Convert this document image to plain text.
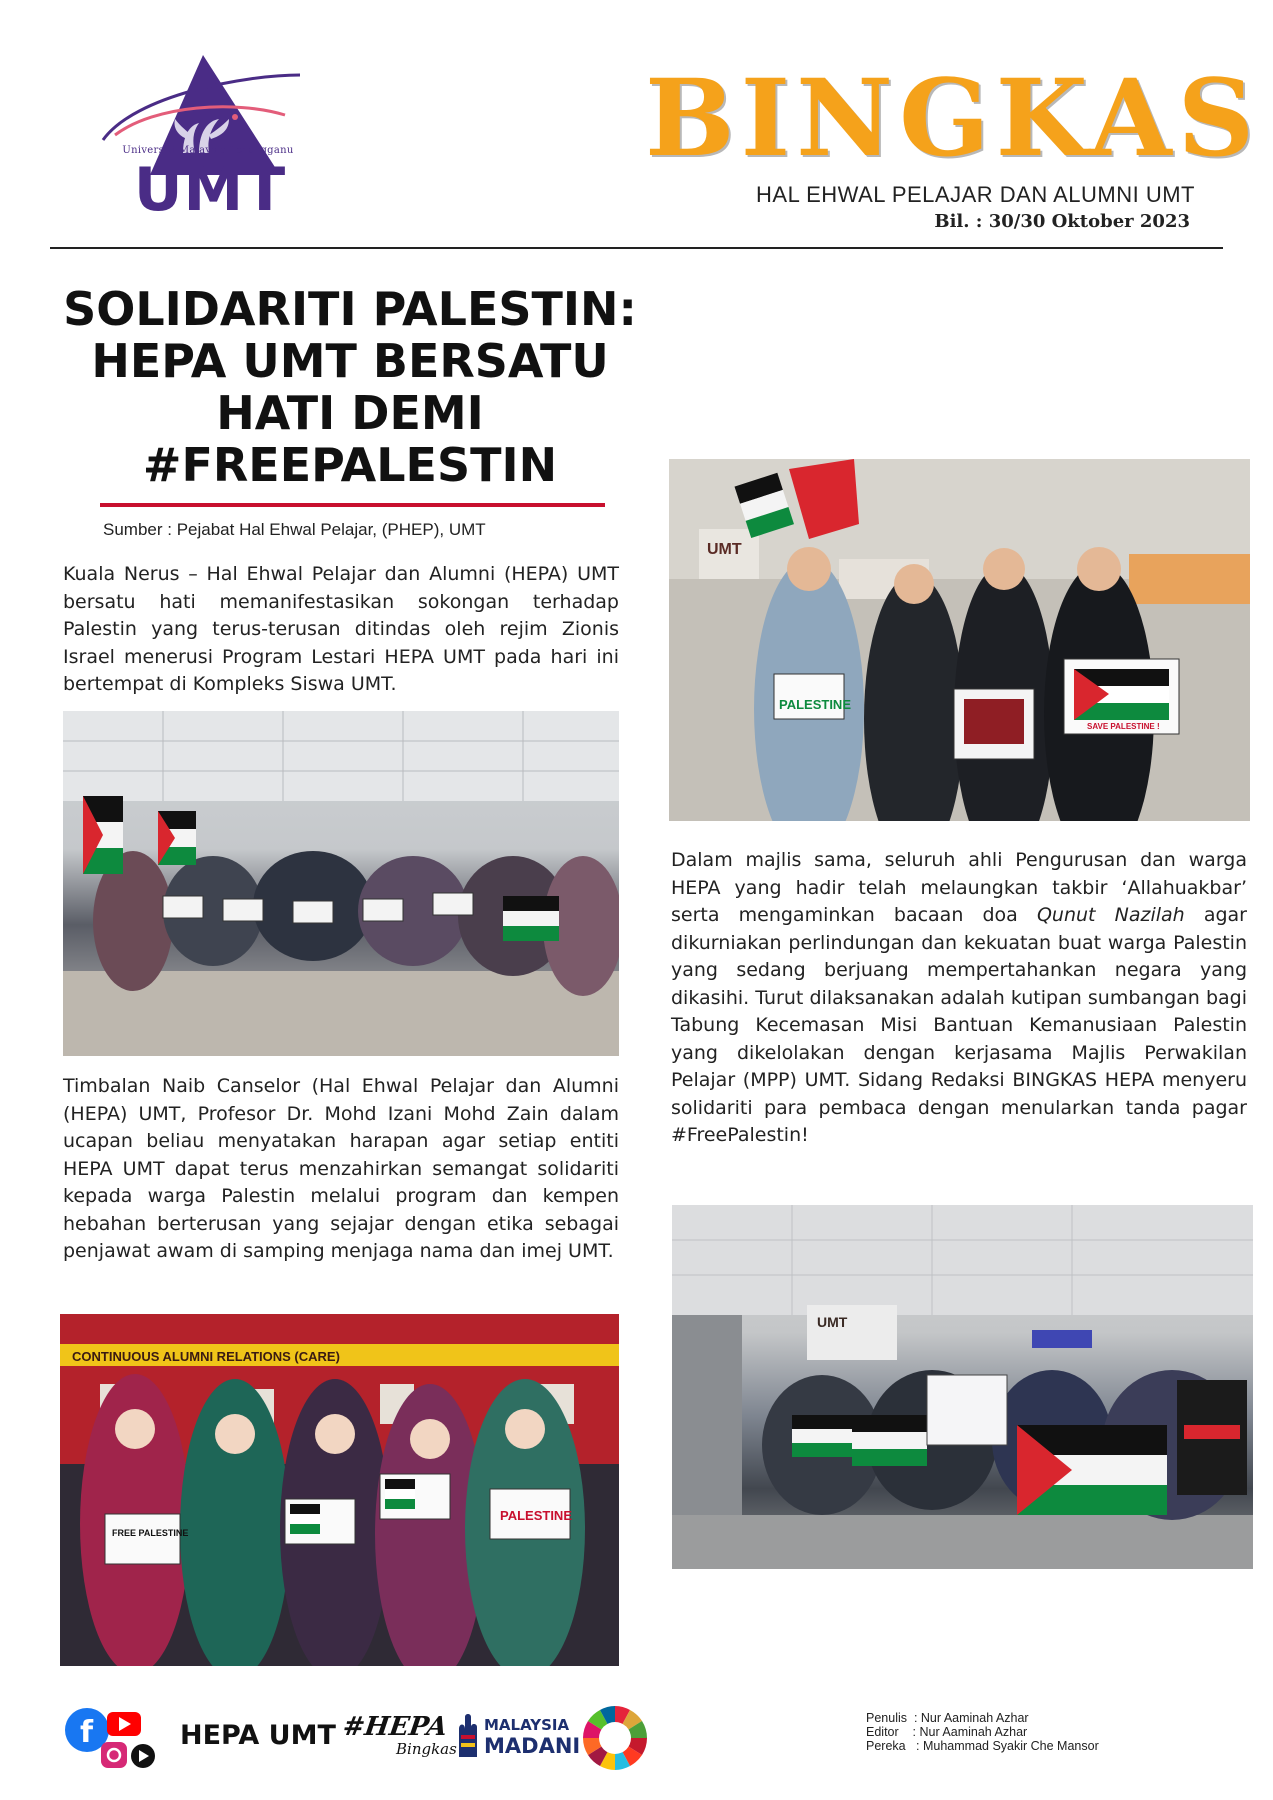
Universiti Malaysia Terengganu
UMT
BINGKAS
HAL EHWAL PELAJAR DAN ALUMNI UMT
Bil. : 30/30 Oktober 2023
SOLIDARITI PALESTIN:
HEPA UMT BERSATU
HATI DEMI
#FREEPALESTIN
Sumber : Pejabat Hal Ehwal Pelajar, (PHEP), UMT
Kuala Nerus – Hal Ehwal Pelajar dan Alumni (HEPA) UMT bersatu hati memanifestasikan sokongan terhadap Palestin yang terus-terusan ditindas oleh rejim Zionis Israel menerusi Program Lestari HEPA UMT pada hari ini bertempat di Kompleks Siswa UMT.
Timbalan Naib Canselor (Hal Ehwal Pelajar dan Alumni (HEPA) UMT, Profesor Dr. Mohd Izani Mohd Zain dalam ucapan beliau menyatakan harapan agar setiap entiti HEPA UMT dapat terus menzahirkan semangat solidariti kepada warga Palestin melalui program dan kempen hebahan berterusan yang sejajar dengan etika sebagai penjawat awam di samping menjaga nama dan imej UMT.
CONTINUOUS ALUMNI RELATIONS (CARE)
FREE PALESTINE
PALESTINE
UMT
PALESTINE
SAVE PALESTINE !
Dalam majlis sama, seluruh ahli Pengurusan dan warga HEPA yang hadir telah melaungkan takbir ‘Allahuakbar’ serta mengaminkan bacaan doa Qunut Nazilah agar dikurniakan perlindungan dan kekuatan buat warga Palestin yang sedang berjuang mempertahankan negara yang dikasihi. Turut dilaksanakan adalah kutipan sumbangan bagi Tabung Kecemasan Misi Bantuan Kemanusiaan Palestin yang dikelolakan dengan kerjasama Majlis Perwakilan Pelajar (MPP) UMT. Sidang Redaksi BINGKAS HEPA menyeru solidariti para pembaca dengan menularkan tanda pagar #FreePalestin!
UMT
f	HEPA UMT #HEPA
Bingkas
MALAYSIA
MADANI
Penulis  : Nur Aaminah Azhar
Editor    : Nur Aaminah Azhar
Pereka   : Muhammad Syakir Che Mansor
